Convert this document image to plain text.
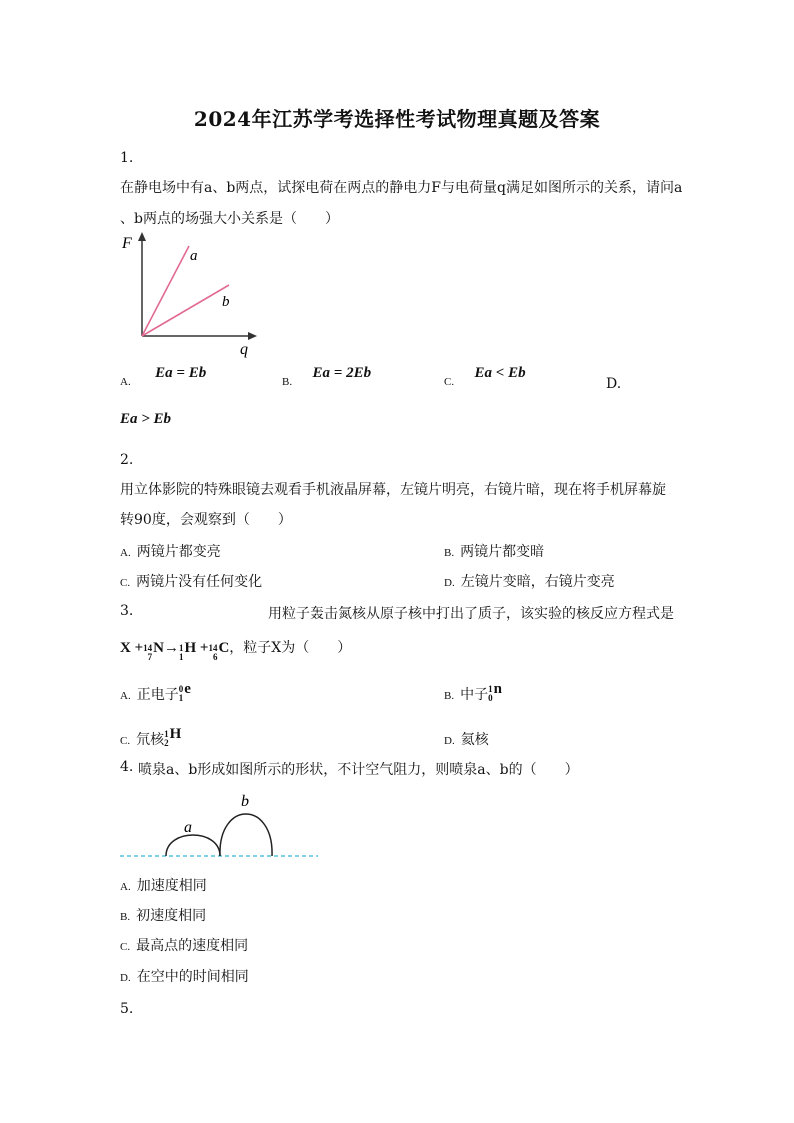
2024年江苏学考选择性考试物理真题及答案
1.
在静电场中有a、b两点，试探电荷在两点的静电力F与电荷量q满足如图所示的关系，请问a
、b两点的场强大小关系是（　　）
F
q
a
b
A. Ea = Eb
B. Ea = 2Eb
C. Ea < Eb
D.
Ea > Eb
2.
用立体影院的特殊眼镜去观看手机液晶屏幕，左镜片明亮，右镜片暗，现在将手机屏幕旋
转90度，会观察到（　　）
A. 两镜片都变亮	B. 两镜片都变暗
C. 两镜片没有任何变化	D. 左镜片变暗，右镜片变亮
3.	用粒子轰击氮核从原子核中打出了质子，该实验的核反应方程式是
X + 14
7
N→ 1
1
H + 14
6
C，粒子X为（　　）
A. 正电子 0
1
e	B. 中子 1
0
n
C. 氘核 1
2
H	D. 氦核
4. 喷泉a、b形成如图所示的形状，不计空气阻力，则喷泉a、b的（　　）
a
b
A. 加速度相同
B. 初速度相同
C. 最高点的速度相同
D. 在空中的时间相同
5.
